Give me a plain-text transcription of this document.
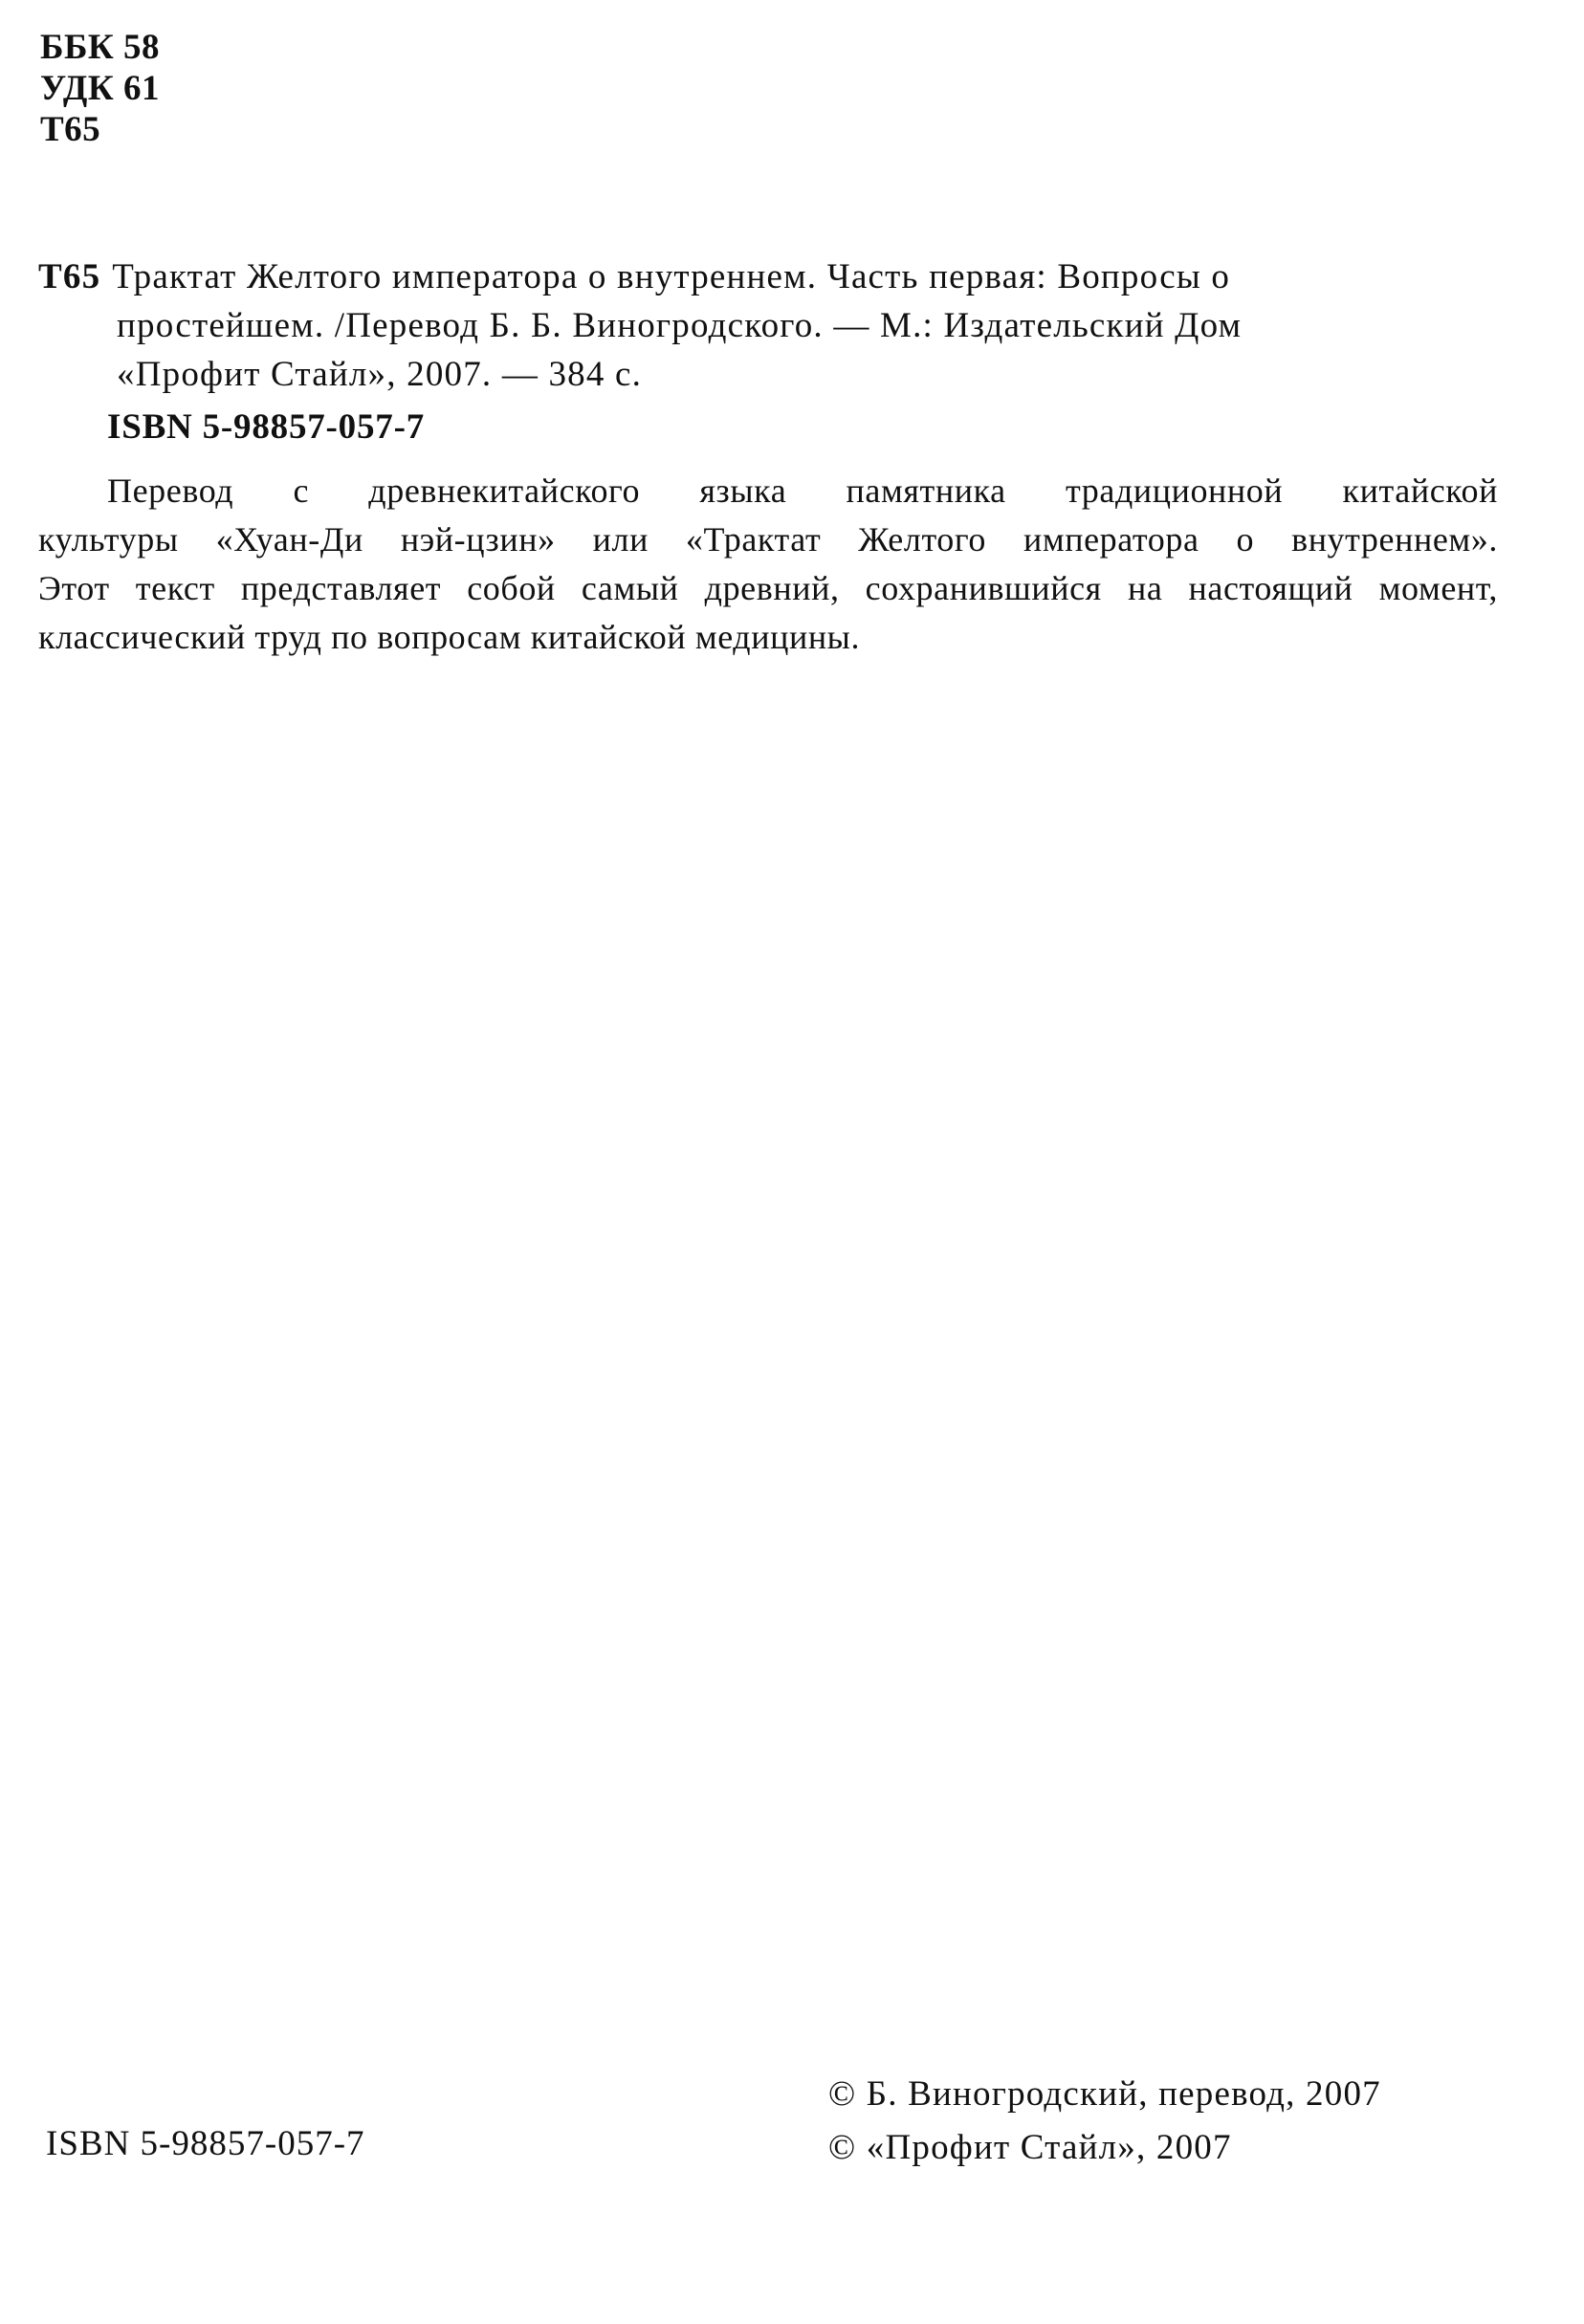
ББК 58
УДК 61
Т65
Т65 Трактат Желтого императора о внутреннем. Часть первая: Вопросы о
простейшем. /Перевод Б. Б. Виногродского. — М.: Издательский Дом
«Профит Стайл», 2007. — 384 с.
ISBN 5-98857-057-7
Перевод с древнекитайского языка памятника традиционной китайской
культуры «Хуан-Ди нэй-цзин» или «Трактат Желтого императора о внутреннем».
Этот текст представляет собой самый древний, сохранившийся на настоящий момент,
классический труд по вопросам китайской медицины.
ISBN 5-98857-057-7
© Б. Виногродский, перевод, 2007
© «Профит Стайл», 2007
